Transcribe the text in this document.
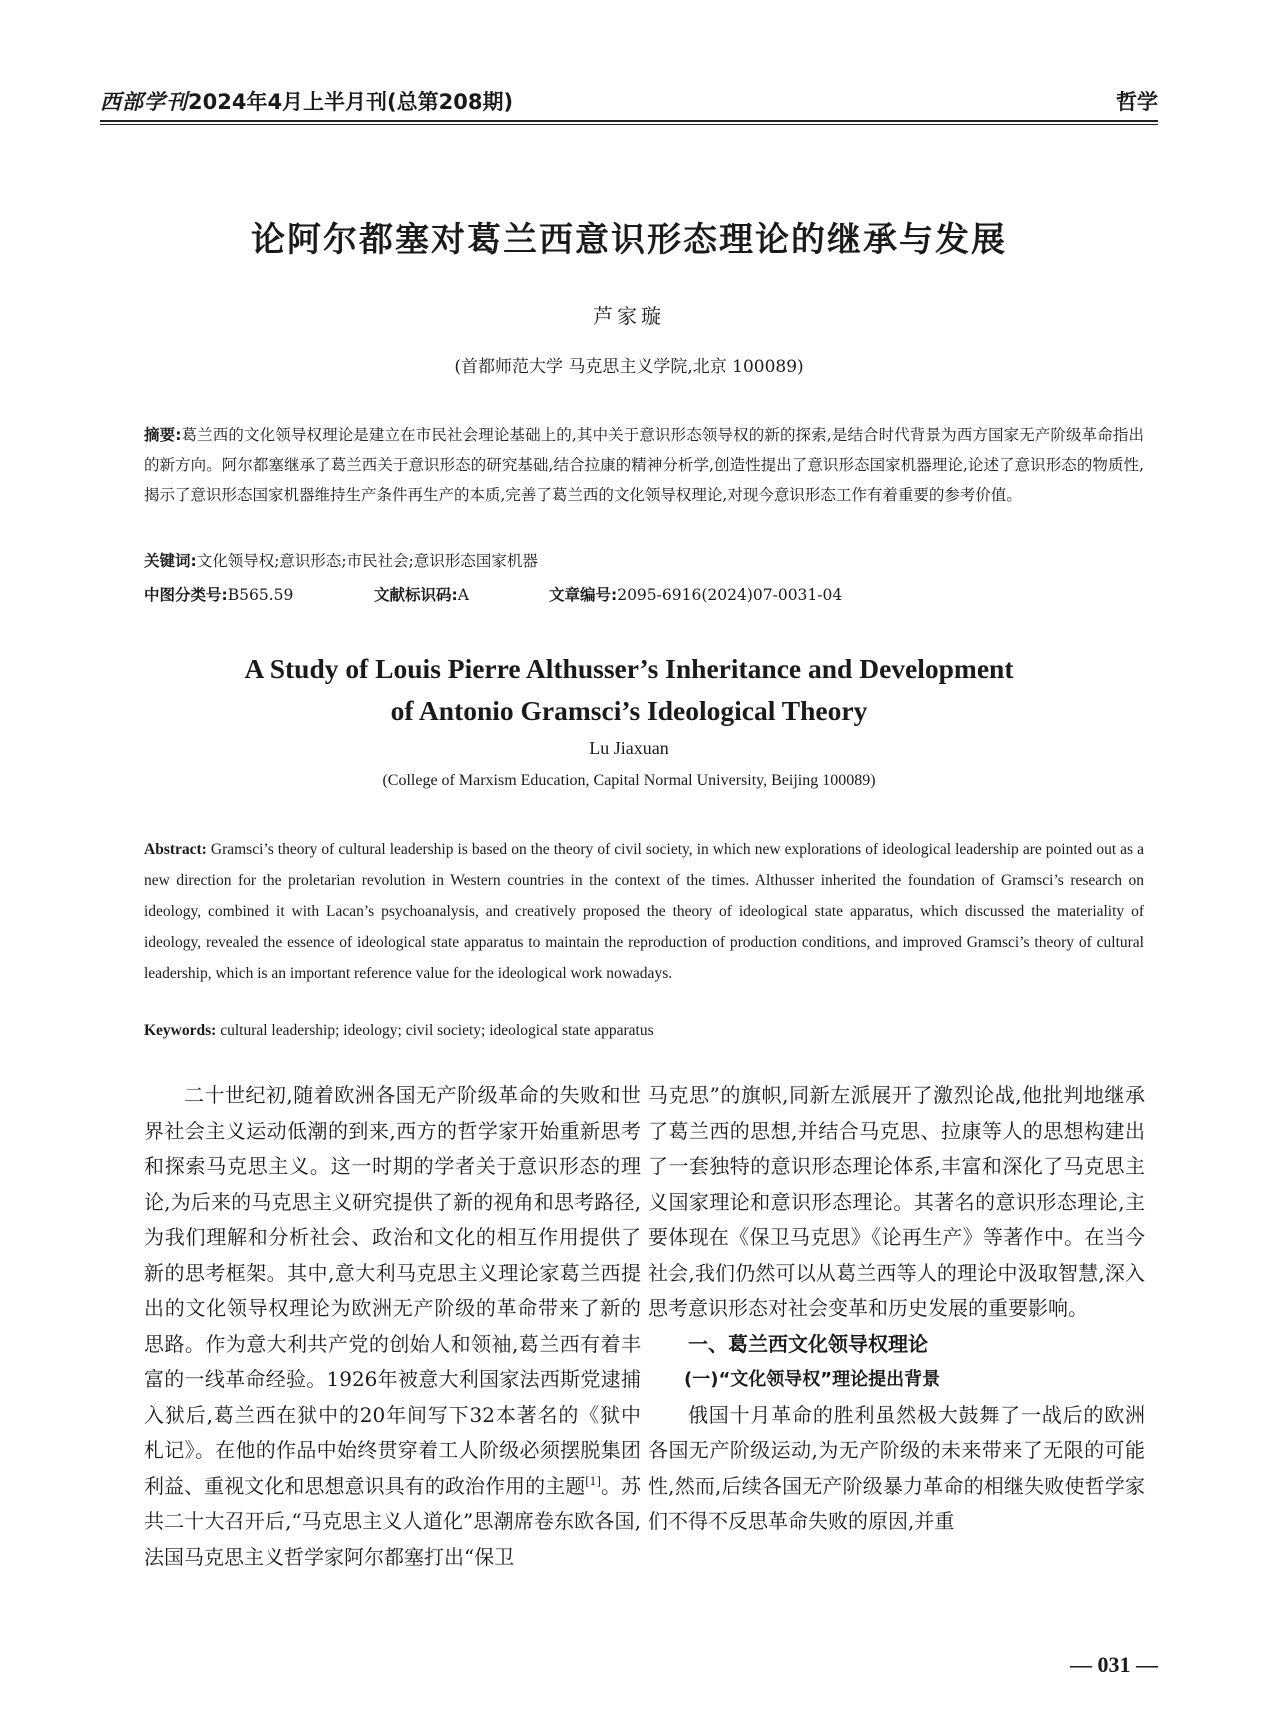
西部学刊2024年4月上半月刊(总第208期)	哲学
论阿尔都塞对葛兰西意识形态理论的继承与发展
芦家璇
(首都师范大学 马克思主义学院,北京 100089)
摘要:葛兰西的文化领导权理论是建立在市民社会理论基础上的,其中关于意识形态领导权的新的探索,是结合时代背景为西方国家无产阶级革命指出的新方向。阿尔都塞继承了葛兰西关于意识形态的研究基础,结合拉康的精神分析学,创造性提出了意识形态国家机器理论,论述了意识形态的物质性,揭示了意识形态国家机器维持生产条件再生产的本质,完善了葛兰西的文化领导权理论,对现今意识形态工作有着重要的参考价值。
关键词:文化领导权;意识形态;市民社会;意识形态国家机器
中图分类号:B565.59	文献标识码:A	文章编号:2095-6916(2024)07-0031-04
A Study of Louis Pierre Althusser’s Inheritance and Development
of Antonio Gramsci’s Ideological Theory
Lu Jiaxuan
(College of Marxism Education, Capital Normal University, Beijing 100089)
Abstract: Gramsci’s theory of cultural leadership is based on the theory of civil society, in which new explorations of ideological leadership are pointed out as a new direction for the proletarian revolution in Western countries in the context of the times. Althusser inherited the foundation of Gramsci’s research on ideology, combined it with Lacan’s psychoanalysis, and creatively proposed the theory of ideological state apparatus, which discussed the materiality of ideology, revealed the essence of ideological state apparatus to maintain the reproduction of production conditions, and improved Gramsci’s theory of cultural leadership, which is an important reference value for the ideological work nowadays.
Keywords: cultural leadership; ideology; civil society; ideological state apparatus

二十世纪初,随着欧洲各国无产阶级革命的失败和世界社会主义运动低潮的到来,西方的哲学家开始重新思考和探索马克思主义。这一时期的学者关于意识形态的理论,为后来的马克思主义研究提供了新的视角和思考路径,为我们理解和分析社会、政治和文化的相互作用提供了新的思考框架。其中,意大利马克思主义理论家葛兰西提出的文化领导权理论为欧洲无产阶级的革命带来了新的思路。作为意大利共产党的创始人和领袖,葛兰西有着丰富的一线革命经验。1926年被意大利国家法西斯党逮捕入狱后,葛兰西在狱中的20年间写下32本著名的《狱中札记》。在他的作品中始终贯穿着工人阶级必须摆脱集团利益、重视文化和思想意识具有的政治作用的主题[1]。苏共二十大召开后,“马克思主义人道化”思潮席卷东欧各国,法国马克思主义哲学家阿尔都塞打出“保卫

马克思”的旗帜,同新左派展开了激烈论战,他批判地继承了葛兰西的思想,并结合马克思、拉康等人的思想构建出了一套独特的意识形态理论体系,丰富和深化了马克思主义国家理论和意识形态理论。其著名的意识形态理论,主要体现在《保卫马克思》《论再生产》等著作中。在当今社会,我们仍然可以从葛兰西等人的理论中汲取智慧,深入思考意识形态对社会变革和历史发展的重要影响。

一、葛兰西文化领导权理论

(一)“文化领导权”理论提出背景

俄国十月革命的胜利虽然极大鼓舞了一战后的欧洲各国无产阶级运动,为无产阶级的未来带来了无限的可能性,然而,后续各国无产阶级暴力革命的相继失败使哲学家们不得不反思革命失败的原因,并重

— 031 —
